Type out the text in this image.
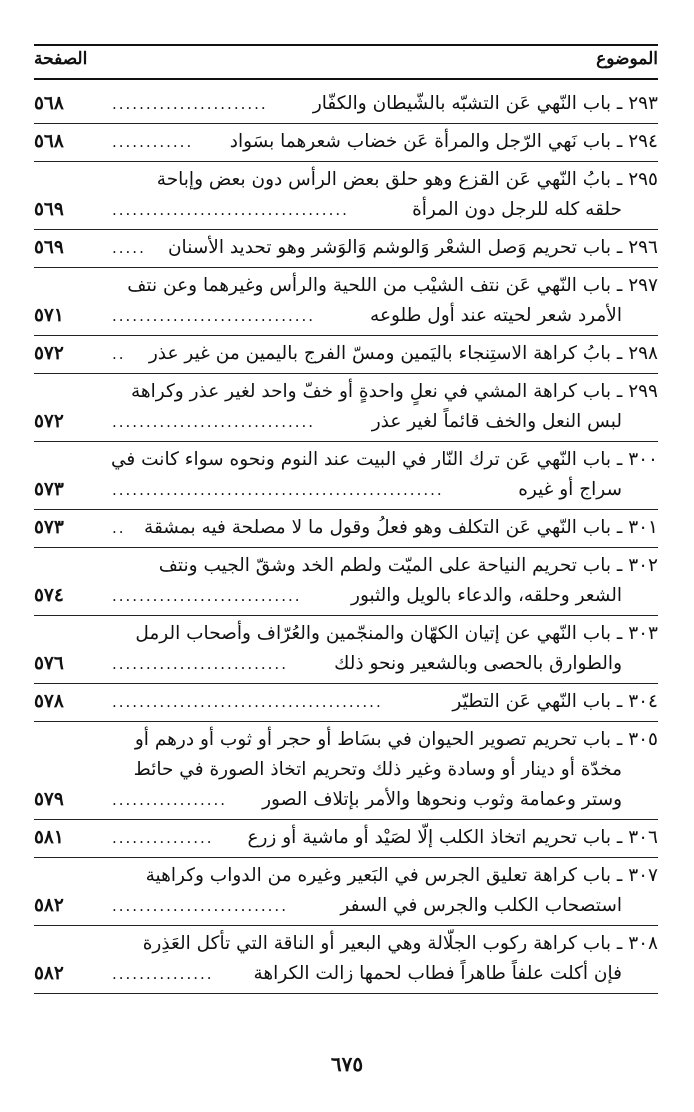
الموضوع
الصفحة
٢٩٣ ـ باب النّهي عَن التشبّه بالشّيطان والكفّار
.......................
٥٦٨
٢٩٤ ـ باب نَهي الرّجل والمرأة عَن خضاب شعرهما بسَواد
............
٥٦٨
٢٩٥ ـ بابُ النّهي عَن القزع وهو حلق بعض الرأس دون بعض وإباحة
حلقه كله للرجل دون المرأة
...................................
٥٦٩
٢٩٦ ـ باب تحريم وَصل الشعْر وَالوشم وَالوَشر وهو تحديد الأسنان
.....
٥٦٩
٢٩٧ ـ باب النّهي عَن نتف الشيْب من اللحية والرأس وغيرهما وعن نتف
الأمرد شعر لحيته عند أول طلوعه
..............................
٥٧١
٢٩٨ ـ بابُ كراهة الاستِنجاء باليَمين ومسّ الفرج باليمين من غير عذر
..
٥٧٢
٢٩٩ ـ باب كراهة المشي في نعلٍ واحدةٍ أو خفّ واحد لغير عذر وكراهة
لبس النعل والخف قائماً لغير عذر
..............................
٥٧٢
٣٠٠ ـ باب النّهي عَن ترك النّار في البيت عند النوم ونحوه سواء كانت في
سراج أو غيره
.................................................
٥٧٣
٣٠١ ـ باب النّهي عَن التكلف وهو فعلُ وقول ما لا مصلحة فيه بمشقة
..
٥٧٣
٣٠٢ ـ باب تحريم النياحة على الميّت ولطم الخد وشقّ الجيب ونتف
الشعر وحلقه، والدعاء بالويل والثبور
............................
٥٧٤
٣٠٣ ـ باب النّهي عن إتيان الكهّان والمنجّمين والعُرّاف وأصحاب الرمل
والطوارق بالحصى وبالشعير ونحو ذلك
..........................
٥٧٦
٣٠٤ ـ باب النّهي عَن التطيّر
........................................
٥٧٨
٣٠٥ ـ باب تحريم تصوير الحيوان في بسَاط أو حجر أو ثوب أو درهم أو
مخدّة أو دينار أو وسادة وغير ذلك وتحريم اتخاذ الصورة في حائط
وستر وعمامة وثوب ونحوها والأمر بإتلاف الصور
.................
٥٧٩
٣٠٦ ـ باب تحريم اتخاذ الكلب إلّا لصَيْد أو ماشية أو زرع
...............
٥٨١
٣٠٧ ـ باب كراهة تعليق الجرس في البَعير وغيره من الدواب وكراهية
استصحاب الكلب والجرس في السفر
..........................
٥٨٢
٣٠٨ ـ باب كراهة ركوب الجلّالة وهي البعير أو الناقة التي تأكل العَذِرة
فإن أكلت علفاً طاهراً فطاب لحمها زالت الكراهة
...............
٥٨٢
٦٧٥
